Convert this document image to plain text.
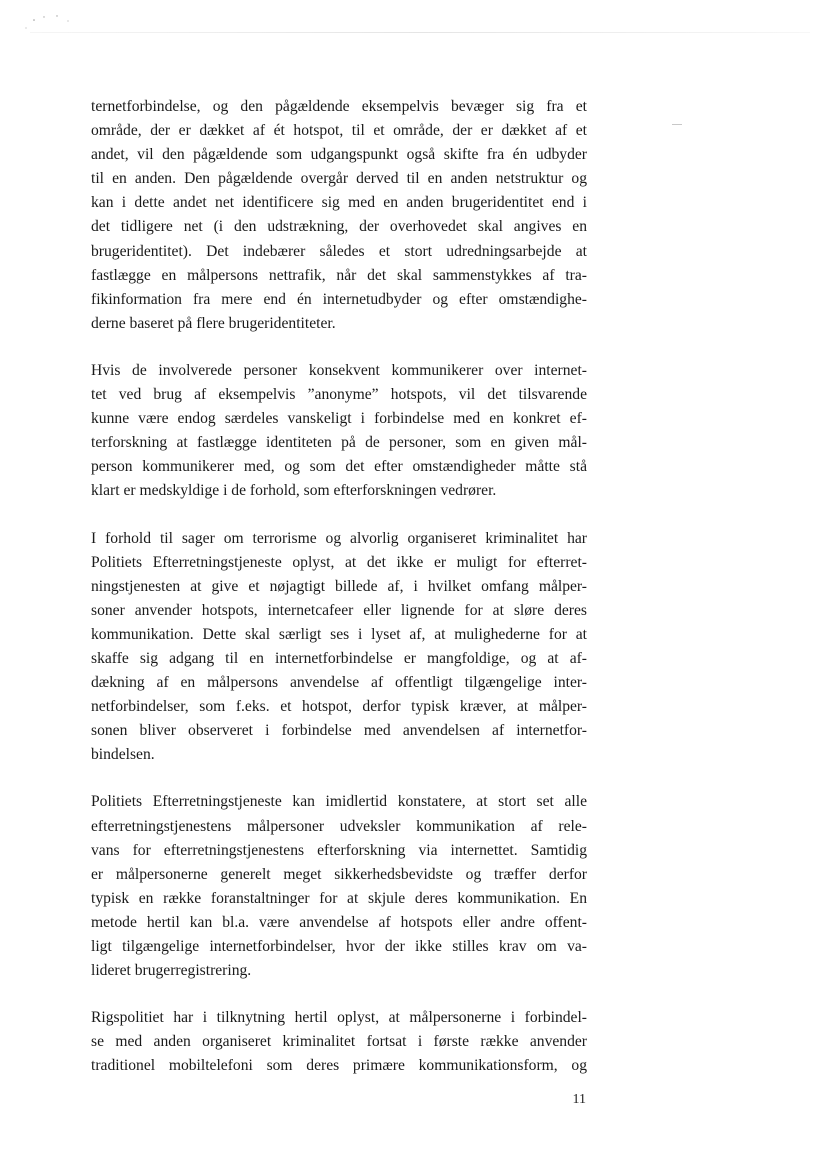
ternetforbindelse, og den pågældende eksempelvis bevæger sig fra et
område, der er dækket af ét hotspot, til et område, der er dækket af et
andet, vil den pågældende som udgangspunkt også skifte fra én udbyder
til en anden. Den pågældende overgår derved til en anden netstruktur og
kan i dette andet net identificere sig med en anden brugeridentitet end i
det tidligere net (i den udstrækning, der overhovedet skal angives en
brugeridentitet). Det indebærer således et stort udredningsarbejde at
fastlægge en målpersons nettrafik, når det skal sammenstykkes af tra-
fikinformation fra mere end én internetudbyder og efter omstændighe-
derne baseret på flere brugeridentiteter.

Hvis de involverede personer konsekvent kommunikerer over internet-
tet ved brug af eksempelvis ”anonyme” hotspots, vil det tilsvarende
kunne være endog særdeles vanskeligt i forbindelse med en konkret ef-
terforskning at fastlægge identiteten på de personer, som en given mål-
person kommunikerer med, og som det efter omstændigheder måtte stå
klart er medskyldige i de forhold, som efterforskningen vedrører.

I forhold til sager om terrorisme og alvorlig organiseret kriminalitet har
Politiets Efterretningstjeneste oplyst, at det ikke er muligt for efterret-
ningstjenesten at give et nøjagtigt billede af, i hvilket omfang målper-
soner anvender hotspots, internetcafeer eller lignende for at sløre deres
kommunikation. Dette skal særligt ses i lyset af, at mulighederne for at
skaffe sig adgang til en internetforbindelse er mangfoldige, og at af-
dækning af en målpersons anvendelse af offentligt tilgængelige inter-
netforbindelser, som f.eks. et hotspot, derfor typisk kræver, at målper-
sonen bliver observeret i forbindelse med anvendelsen af internetfor-
bindelsen.

Politiets Efterretningstjeneste kan imidlertid konstatere, at stort set alle
efterretningstjenestens målpersoner udveksler kommunikation af rele-
vans for efterretningstjenestens efterforskning via internettet. Samtidig
er målpersonerne generelt meget sikkerhedsbevidste og træffer derfor
typisk en række foranstaltninger for at skjule deres kommunikation. En
metode hertil kan bl.a. være anvendelse af hotspots eller andre offent-
ligt tilgængelige internetforbindelser, hvor der ikke stilles krav om va-
lideret brugerregistrering.

Rigspolitiet har i tilknytning hertil oplyst, at målpersonerne i forbindel-
se med anden organiseret kriminalitet fortsat i første række anvender
traditionel mobiltelefoni som deres primære kommunikationsform, og

11
